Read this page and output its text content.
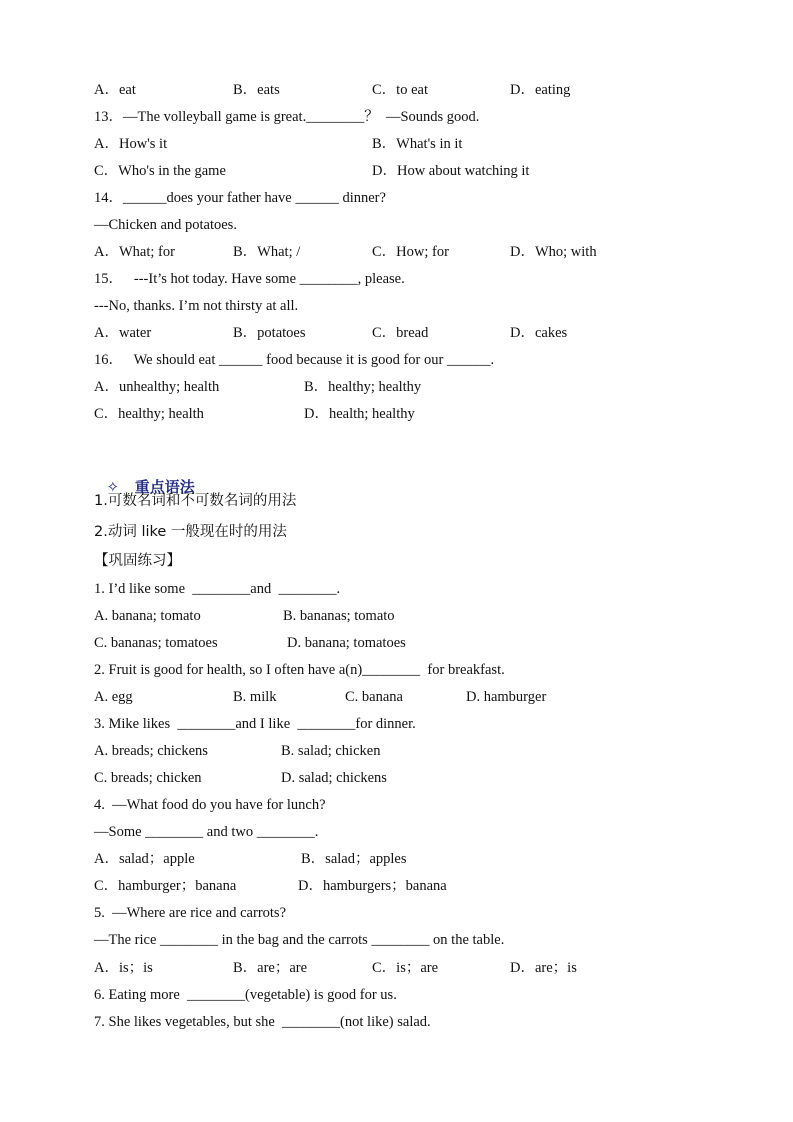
A．eat	B．eats	C．to eat	D．eating
13．—The volleyball game is great.________？  —Sounds good.
A．How's it	B．What's in it
C．Who's in the game	D．How about watching it
14．______does your father have ______ dinner?
—Chicken and potatoes.
A．What; for	B．What; /	C．How; for	D．Who; with
15．   ---It’s hot today. Have some ________, please.
---No, thanks. I’m not thirsty at all.
A．water	B．potatoes	C．bread	D．cakes
16．   We should eat ______ food because it is good for our ______.
A．unhealthy; health	B．healthy; healthy
C．healthy; health	D．health; healthy

✧ 重点语法

1.可数名词和不可数名词的用法
2.动词 like 一般现在时的用法
【巩固练习】
1. I’d like some  ________and  ________.
A. banana; tomato	B. bananas; tomato
C. bananas; tomatoes	D. banana; tomatoes
2. Fruit is good for health, so I often have a(n)________  for breakfast.
A. egg	B. milk	C. banana	D. hamburger
3. Mike likes  ________and I like  ________for dinner.
A. breads; chickens	B. salad; chicken
C. breads; chicken	D. salad; chickens
4.  —What food do you have for lunch?
—Some ________ and two ________.
A．salad；apple	B．salad；apples
C．hamburger；banana	D．hamburgers；banana
5.  —Where are rice and carrots?
—The rice ________ in the bag and the carrots ________ on the table.
A．is；is	B．are；are	C．is；are	D．are；is
6. Eating more  ________(vegetable) is good for us.
7. She likes vegetables, but she  ________(not like) salad.
